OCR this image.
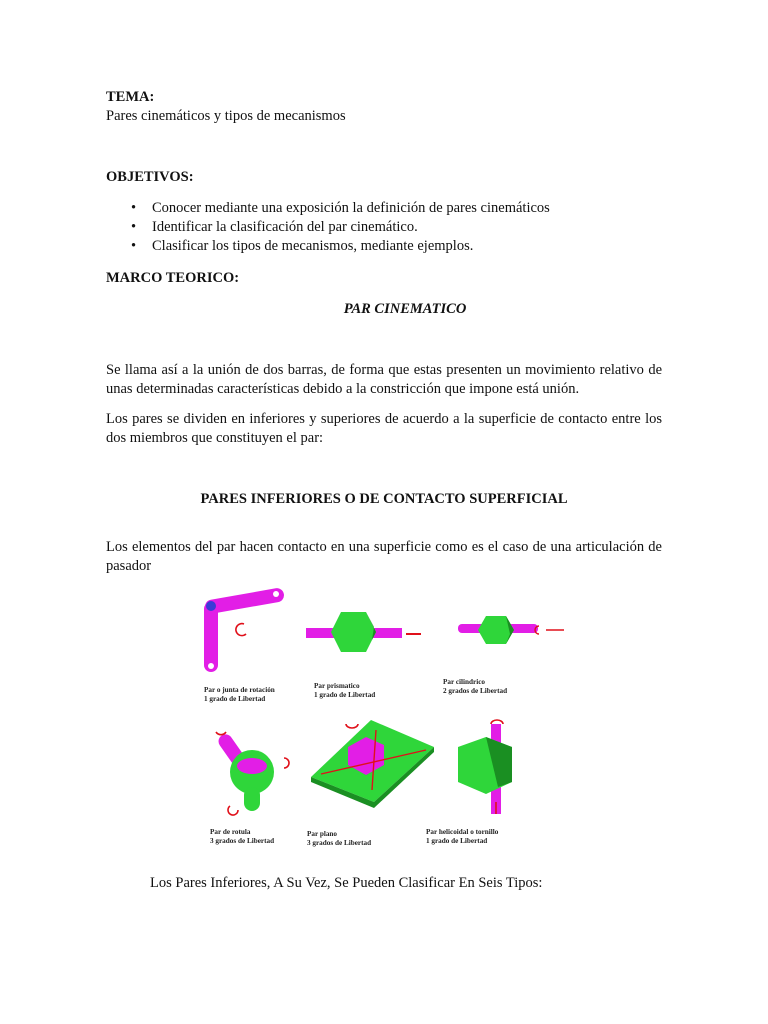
TEMA:
Pares cinemáticos y tipos de mecanismos
OBJETIVOS:
• Conocer mediante una exposición la definición de pares cinemáticos
• Identificar la clasificación del par cinemático.
• Clasificar los tipos de mecanismos, mediante ejemplos.
MARCO TEORICO:
PAR CINEMATICO
Se llama así a la unión de dos barras, de forma que estas presenten un movimiento relativo de unas determinadas características debido a la constricción que impone está unión.
Los pares se dividen en inferiores y superiores de acuerdo a la superficie de contacto entre los dos miembros que constituyen el par:
PARES INFERIORES O DE CONTACTO SUPERFICIAL
Los elementos del par hacen contacto en una superficie como es el caso de una articulación de pasador
Par o junta de rotación
1 grado de Libertad
Par prismatico
1 grado de Libertad
Par cilindrico
2 grados de Libertad
Par de rotula
3 grados de Libertad
Par plano
3 grados de Libertad
Par helicoidal o tornillo
1 grado de Libertad
Los Pares Inferiores, A Su Vez, Se Pueden Clasificar En Seis Tipos:
